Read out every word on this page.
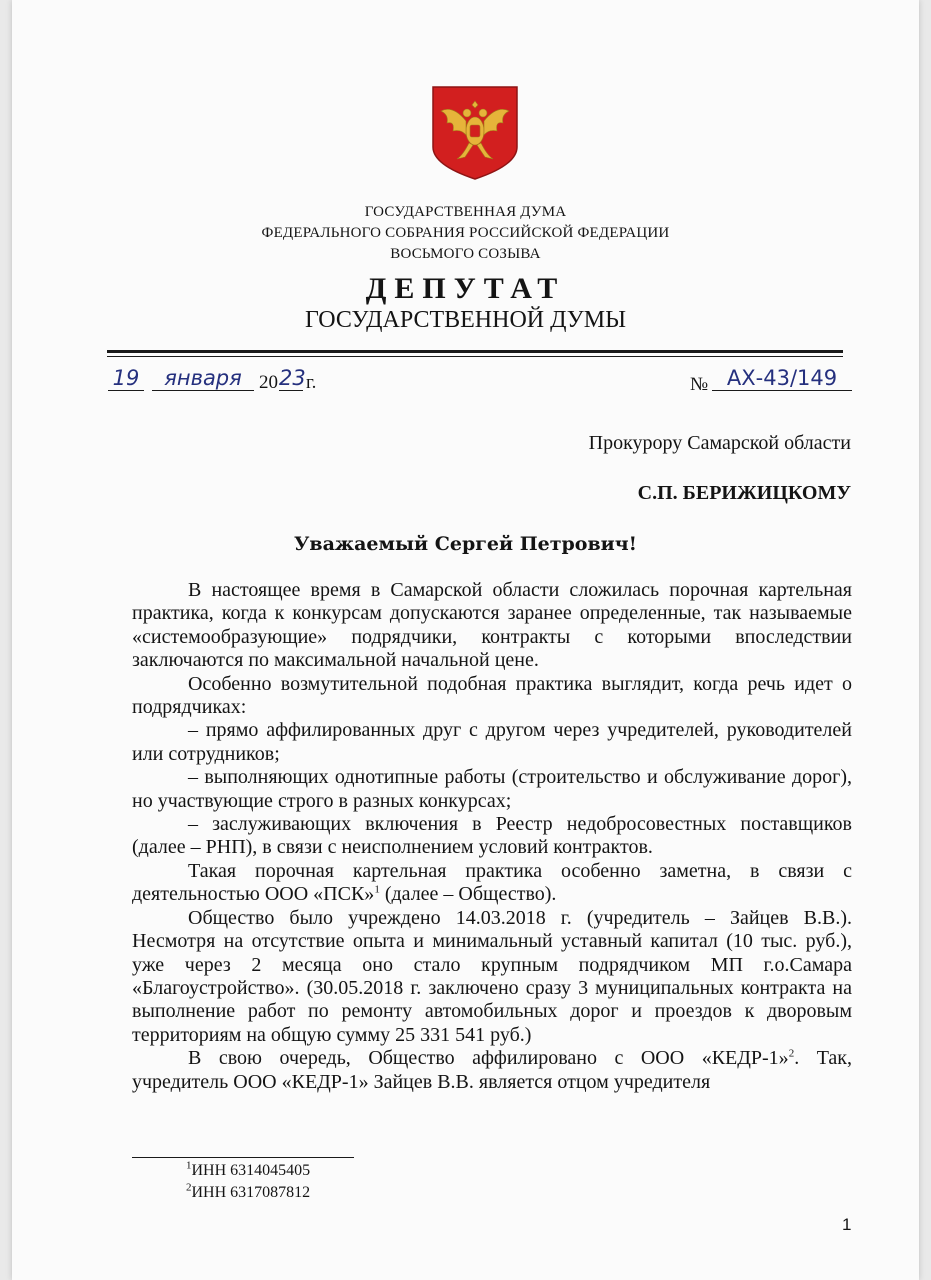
ГОСУДАРСТВЕННАЯ ДУМА
ФЕДЕРАЛЬНОГО СОБРАНИЯ РОССИЙСКОЙ ФЕДЕРАЦИИ
ВОСЬМОГО СОЗЫВА
ДЕПУТАТ
ГОСУДАРСТВЕННОЙ ДУМЫ
19	января 20 23 г.	№ АХ-43/149
Прокурору Самарской области
С.П. БЕРИЖИЦКОМУ
Уважаемый Сергей Петрович!

В настоящее время в Самарской области сложилась порочная картельная практика, когда к конкурсам допускаются заранее определенные, так называемые «системообразующие» подрядчики, контракты с которыми впоследствии заключаются по максимальной начальной цене.

Особенно возмутительной подобная практика выглядит, когда речь идет о подрядчиках:

– прямо аффилированных друг с другом через учредителей, руководителей или сотрудников;

– выполняющих однотипные работы (строительство и обслуживание дорог), но участвующие строго в разных конкурсах;

– заслуживающих включения в Реестр недобросовестных поставщиков (далее – РНП), в связи с неисполнением условий контрактов.

Такая порочная картельная практика особенно заметна, в связи с деятельностью ООО «ПСК»$^1$ (далее – Общество).

Общество было учреждено 14.03.2018 г. (учредитель – Зайцев В.В.). Несмотря на отсутствие опыта и минимальный уставный капитал (10 тыс. руб.), уже через 2 месяца оно стало крупным подрядчиком МП г.о.Самара «Благоустройство». (30.05.2018 г. заключено сразу 3 муниципальных контракта на выполнение работ по ремонту автомобильных дорог и проездов к дворовым территориям на общую сумму 25 331 541 руб.)

В свою очередь, Общество аффилировано с ООО «КЕДР-1»$^2$. Так, учредитель ООО «КЕДР-1» Зайцев В.В. является отцом учредителя

$^1$ИНН 6314045405
$^2$ИНН 6317087812
1
